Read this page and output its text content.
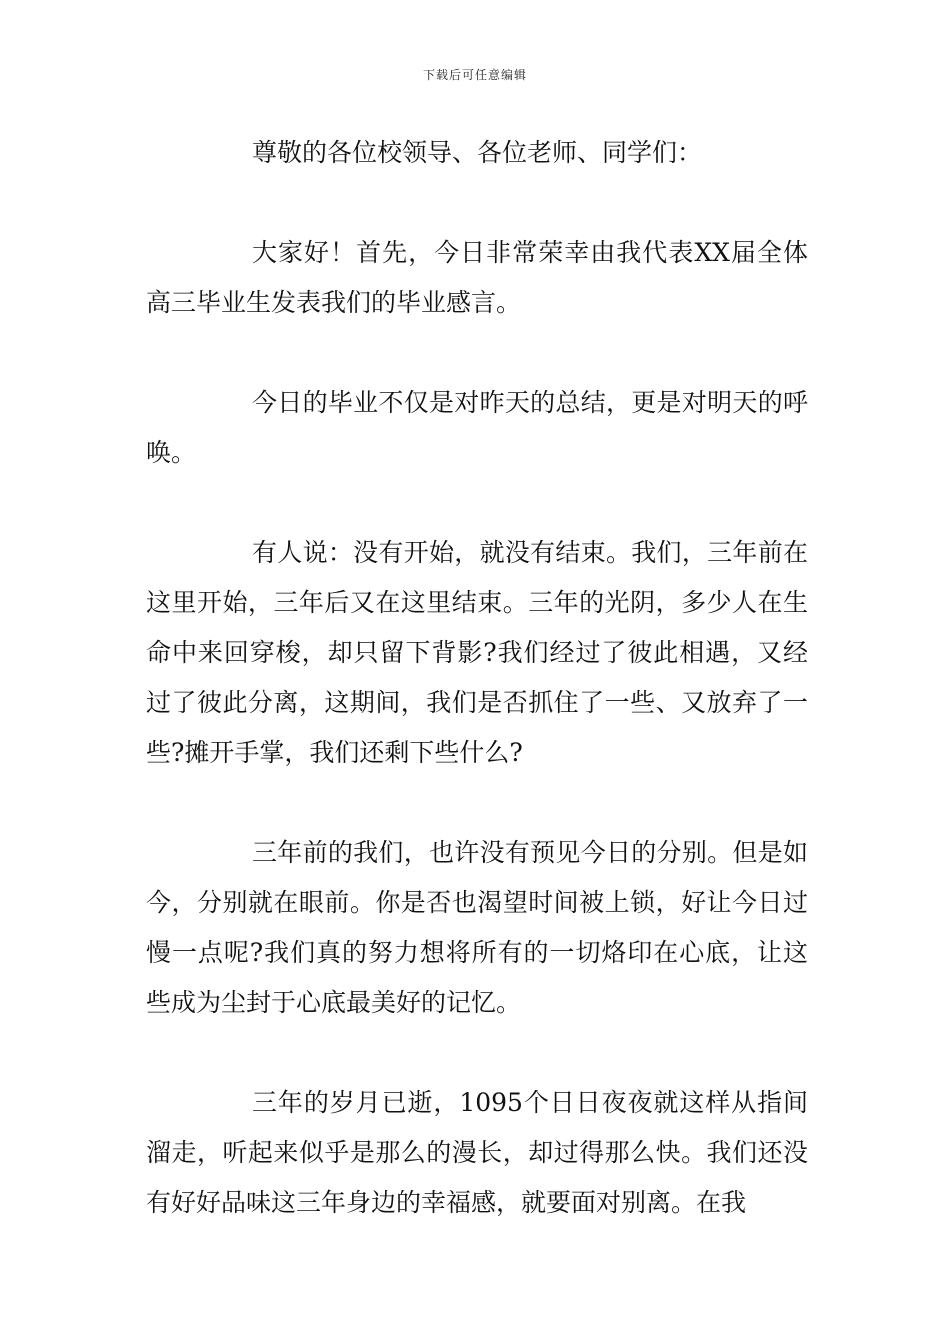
下载后可任意编辑

尊敬的各位校领导、各位老师、同学们：

大家好！首先，今日非常荣幸由我代表XX届全体高三毕业生发表我们的毕业感言。

今日的毕业不仅是对昨天的总结，更是对明天的呼唤。

有人说：没有开始，就没有结束。我们，三年前在这里开始，三年后又在这里结束。三年的光阴，多少人在生命中来回穿梭，却只留下背影?我们经过了彼此相遇，又经过了彼此分离，这期间，我们是否抓住了一些、又放弃了一些?摊开手掌，我们还剩下些什么?

三年前的我们，也许没有预见今日的分别。但是如今，分别就在眼前。你是否也渴望时间被上锁，好让今日过慢一点呢?我们真的努力想将所有的一切烙印在心底，让这些成为尘封于心底最美好的记忆。

三年的岁月已逝，1095个日日夜夜就这样从指间溜走，听起来似乎是那么的漫长，却过得那么快。我们还没有好好品味这三年身边的幸福感，就要面对别离。在我
